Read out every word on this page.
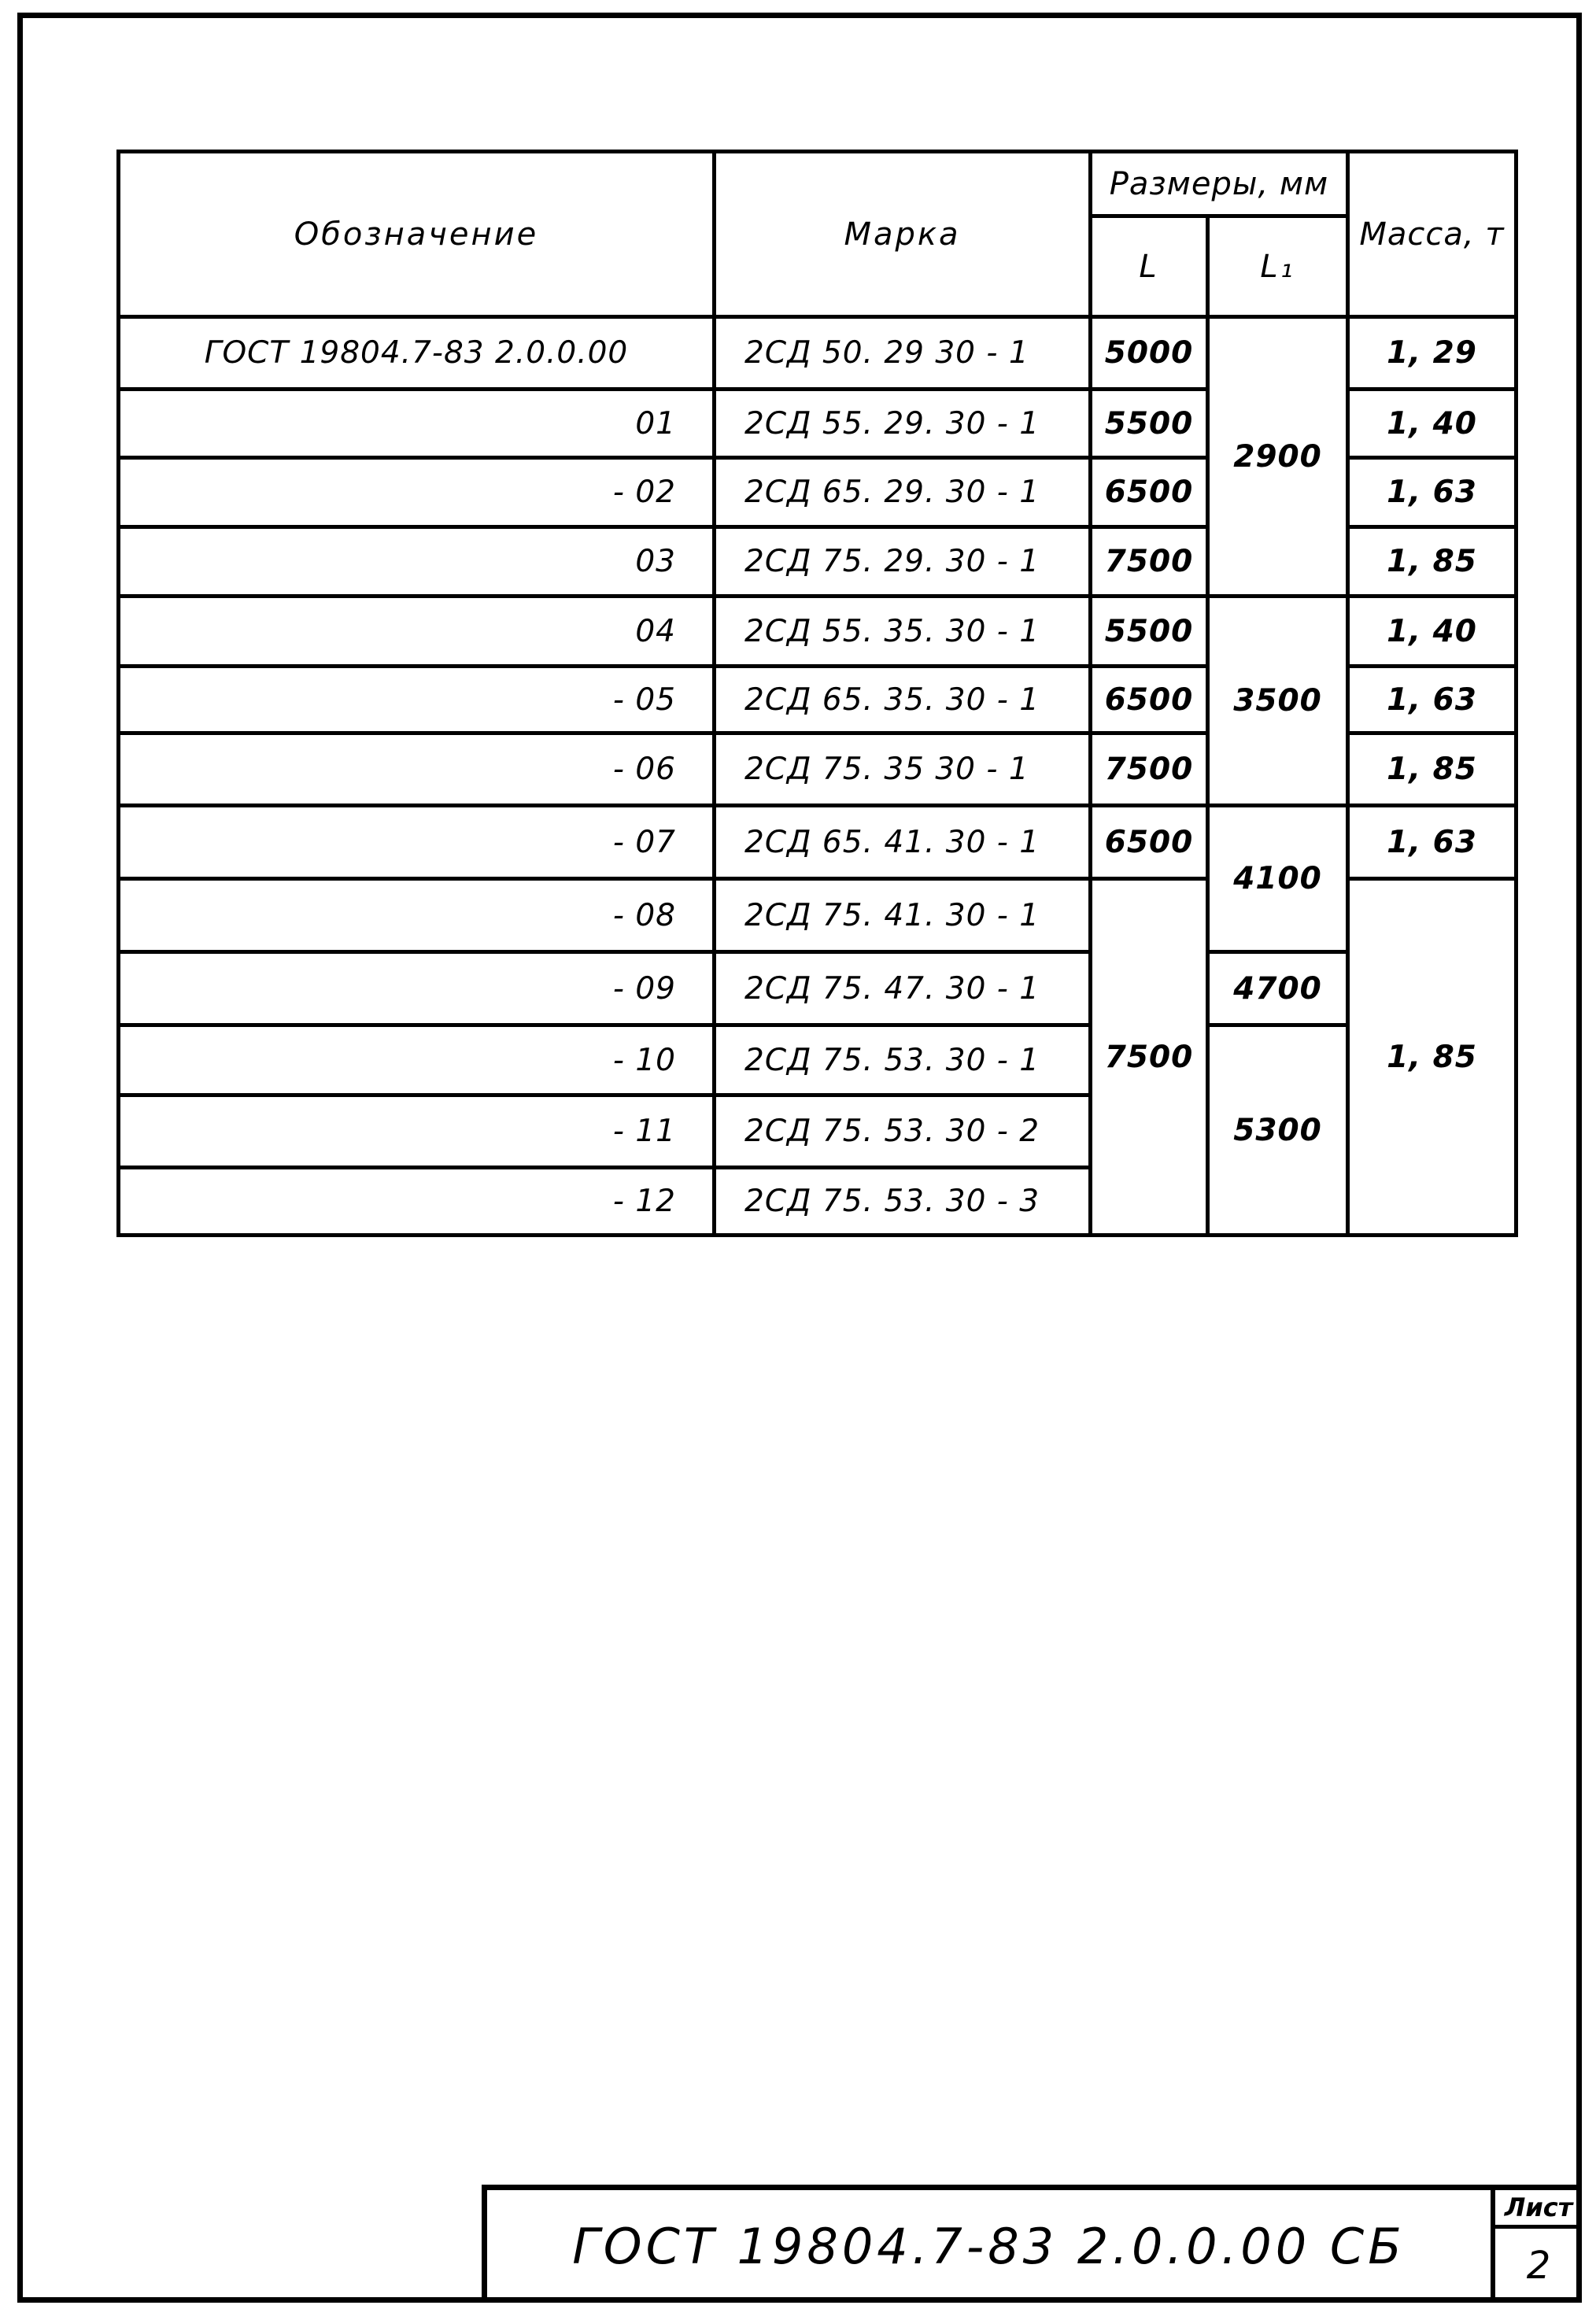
Обозначение	Марка	Размеры, мм		Масса, т
		L	L₁	
ГОСТ 19804.7-83 2.0.0.00	2СД 50. 29 30 - 1	5000	2900	1, 29
01	2СД 55. 29. 30 - 1	5500		1, 40
- 02	2СД 65. 29. 30 - 1	6500		1, 63
03	2СД 75. 29. 30 - 1	7500		1, 85
04	2СД 55. 35. 30 - 1	5500	3500	1, 40
- 05	2СД 65. 35. 30 - 1	6500		1, 63
- 06	2СД 75. 35 30 - 1	7500		1, 85
- 07	2СД 65. 41. 30 - 1	6500	4100	1, 63
- 08	2СД 75. 41. 30 - 1	7500		1, 85
- 09	2СД 75. 47. 30 - 1		4700	
- 10	2СД 75. 53. 30 - 1		5300	
- 11	2СД 75. 53. 30 - 2			
- 12	2СД 75. 53. 30 - 3			
ГОСТ 19804.7-83 2.0.0.00 СБ
Лист
2
